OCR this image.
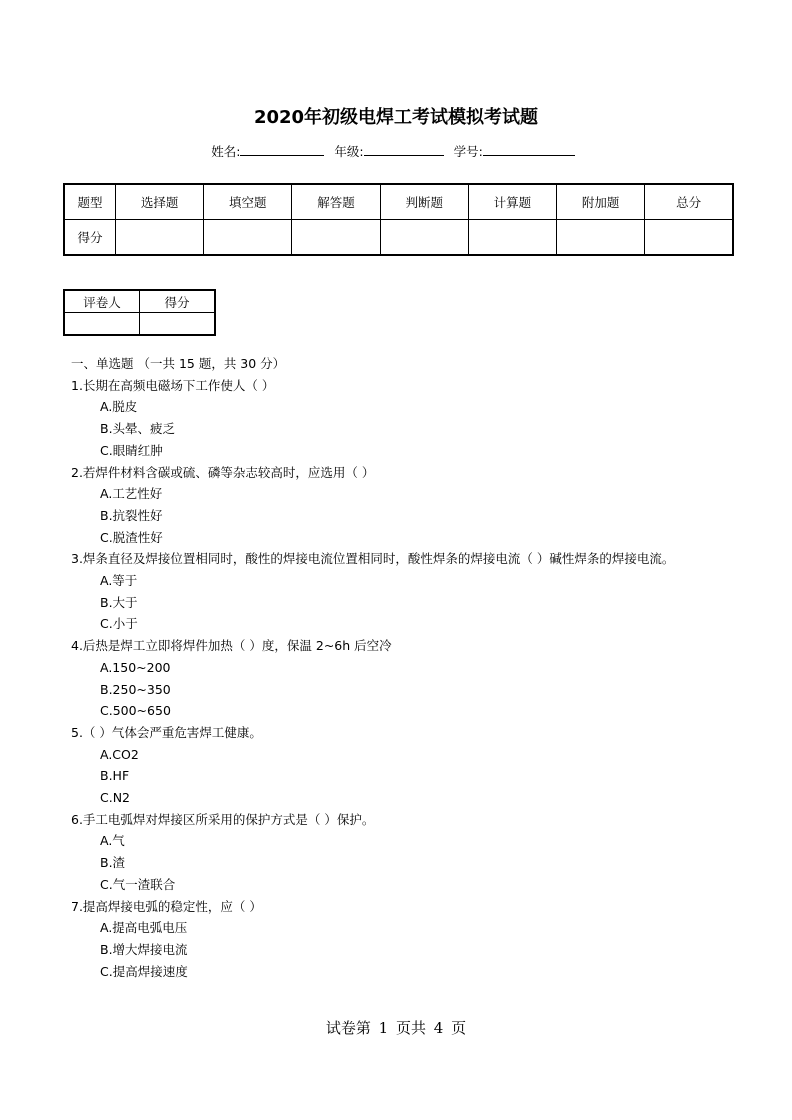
2020年初级电焊工考试模拟考试题
姓名:	年级:	学号:
题型	选择题	填空题	解答题	判断题	计算题	附加题	总分
得分							
评卷人	得分

一、单选题 （一共 15 题，共 30 分）
1.长期在高频电磁场下工作使人（ ）
A.脱皮
B.头晕、疲乏
C.眼睛红肿
2.若焊件材料含碳或硫、磷等杂志较高时，应选用（ ）
A.工艺性好
B.抗裂性好
C.脱渣性好
3.焊条直径及焊接位置相同时，酸性的焊接电流位置相同时，酸性焊条的焊接电流（ ）碱性焊条的焊接电流。
A.等于
B.大于
C.小于
4.后热是焊工立即将焊件加热（ ）度，保温 2~6h 后空冷
A.150~200
B.250~350
C.500~650
5.（ ）气体会严重危害焊工健康。
A.CO2
B.HF
C.N2
6.手工电弧焊对焊接区所采用的保护方式是（ ）保护。
A.气
B.渣
C.气一渣联合
7.提高焊接电弧的稳定性，应（ ）
A.提高电弧电压
B.增大焊接电流
C.提高焊接速度
试卷第 1 页共 4 页
